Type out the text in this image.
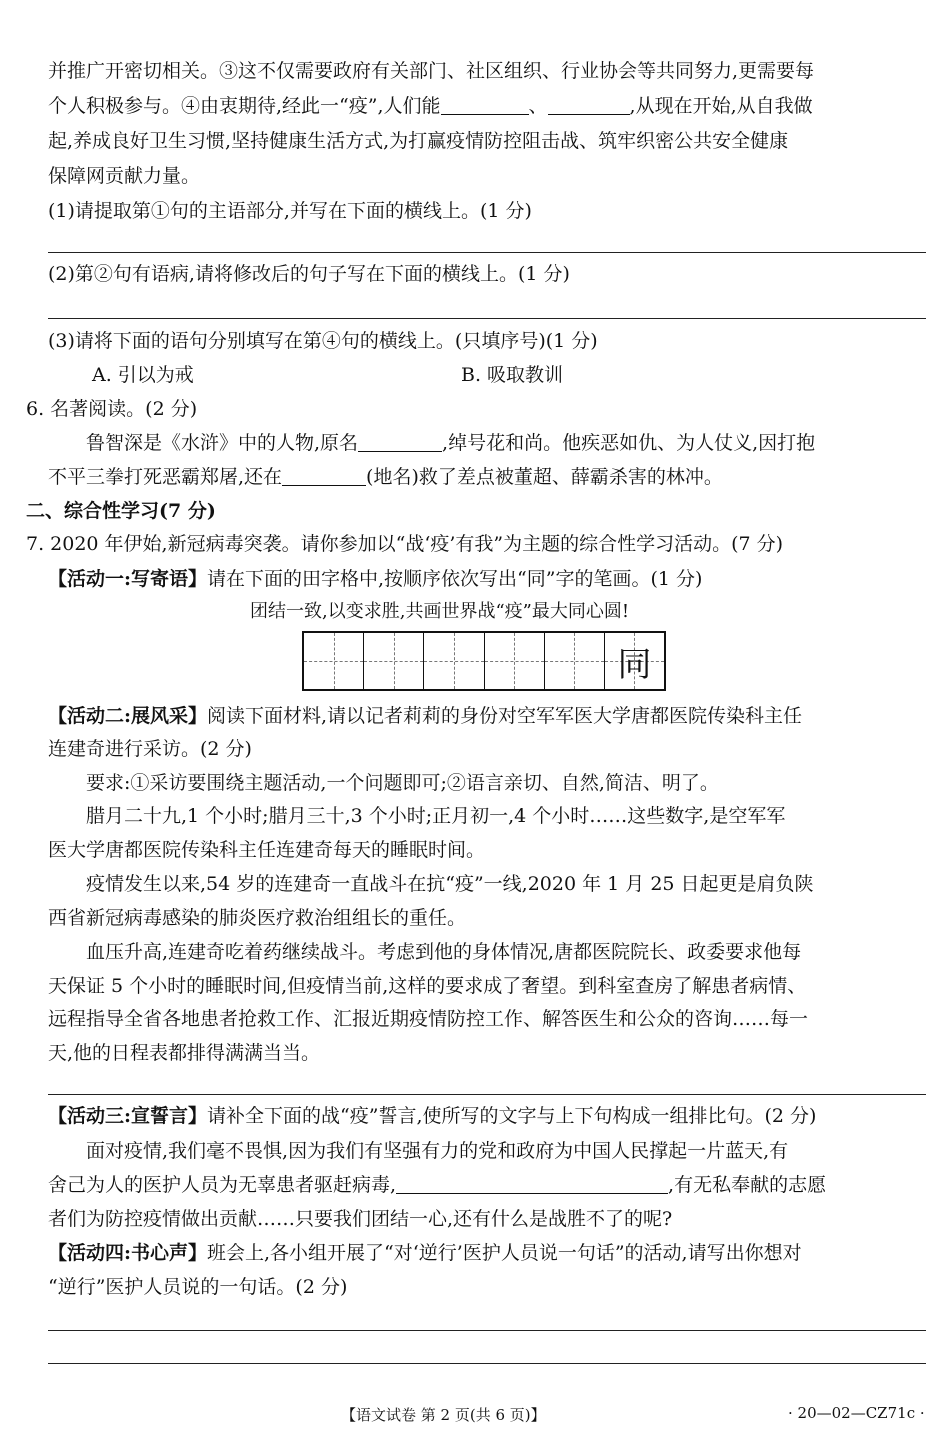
并推广开密切相关。③这不仅需要政府有关部门、社区组织、行业协会等共同努力,更需要每
个人积极参与。④由衷期待,经此一“疫”,人们能	、	,从现在开始,从自我做
起,养成良好卫生习惯,坚持健康生活方式,为打赢疫情防控阻击战、筑牢织密公共安全健康
保障网贡献力量。
(1)请提取第①句的主语部分,并写在下面的横线上。(1 分)
(2)第②句有语病,请将修改后的句子写在下面的横线上。(1 分)
(3)请将下面的语句分别填写在第④句的横线上。(只填序号)(1 分)
A. 引以为戒	B. 吸取教训
6. 名著阅读。(2 分)
鲁智深是《水浒》中的人物,原名	,绰号花和尚。他疾恶如仇、为人仗义,因打抱
不平三拳打死恶霸郑屠,还在	(地名)救了差点被董超、薛霸杀害的林冲。
二、综合性学习(7 分)
7. 2020 年伊始,新冠病毒突袭。请你参加以“战‘疫’有我”为主题的综合性学习活动。(7 分)
【活动一:写寄语】请在下面的田字格中,按顺序依次写出“同”字的笔画。(1 分)
团结一致,以变求胜,共画世界战“疫”最大同心圆!
同
【活动二:展风采】阅读下面材料,请以记者莉莉的身份对空军军医大学唐都医院传染科主任
连建奇进行采访。(2 分)
要求:①采访要围绕主题活动,一个问题即可;②语言亲切、自然,简洁、明了。
腊月二十九,1 个小时;腊月三十,3 个小时;正月初一,4 个小时……这些数字,是空军军
医大学唐都医院传染科主任连建奇每天的睡眠时间。
疫情发生以来,54 岁的连建奇一直战斗在抗“疫”一线,2020 年 1 月 25 日起更是肩负陕
西省新冠病毒感染的肺炎医疗救治组组长的重任。
血压升高,连建奇吃着药继续战斗。考虑到他的身体情况,唐都医院院长、政委要求他每
天保证 5 个小时的睡眠时间,但疫情当前,这样的要求成了奢望。到科室查房了解患者病情、
远程指导全省各地患者抢救工作、汇报近期疫情防控工作、解答医生和公众的咨询……每一
天,他的日程表都排得满满当当。
【活动三:宣誓言】请补全下面的战“疫”誓言,使所写的文字与上下句构成一组排比句。(2 分)
面对疫情,我们毫不畏惧,因为我们有坚强有力的党和政府为中国人民撑起一片蓝天,有
舍己为人的医护人员为无辜患者驱赶病毒,	,有无私奉献的志愿
者们为防控疫情做出贡献……只要我们团结一心,还有什么是战胜不了的呢?
【活动四:书心声】班会上,各小组开展了“对‘逆行’医护人员说一句话”的活动,请写出你想对
“逆行”医护人员说的一句话。(2 分)
【语文试卷 第 2 页(共 6 页)】	· 20—02—CZ71c ·
